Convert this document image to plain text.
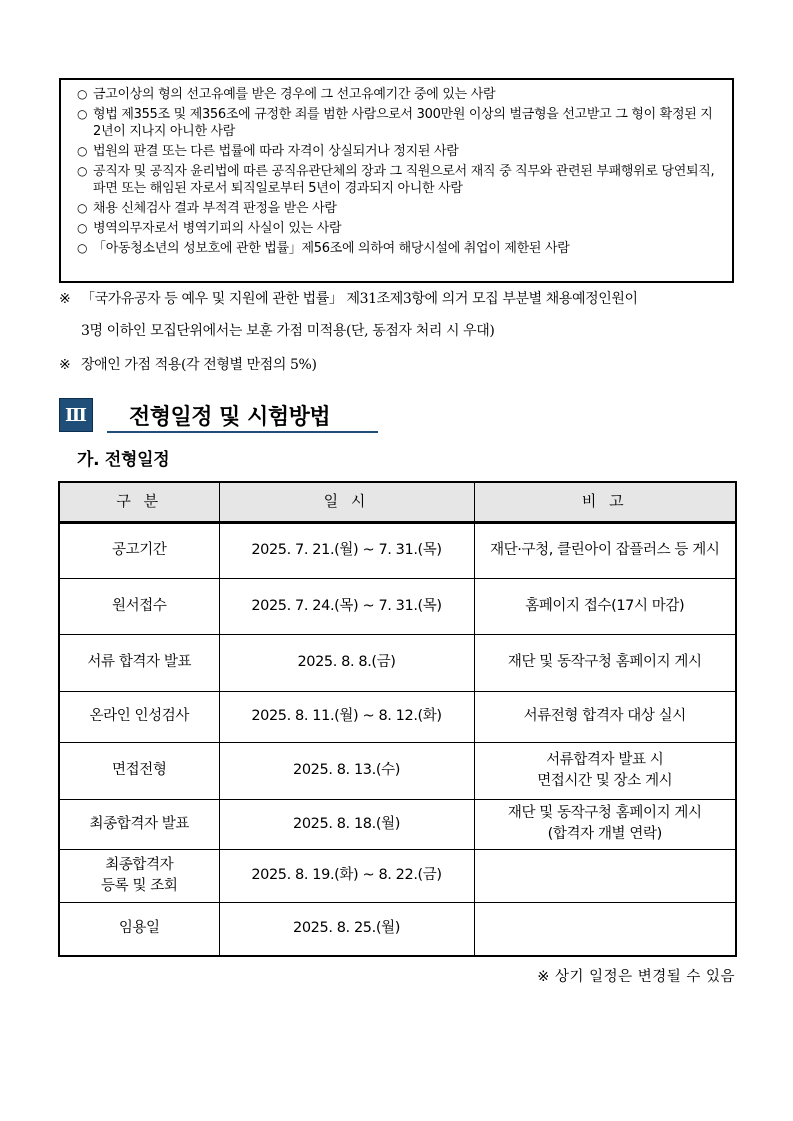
○ 금고이상의 형의 선고유예를 받은 경우에 그 선고유예기간 중에 있는 사람
○ 형법 제355조 및 제356조에 규정한 죄를 범한 사람으로서 300만원 이상의 벌금형을 선고받고 그 형이 확정된 지 2년이 지나지 아니한 사람
○ 법원의 판결 또는 다른 법률에 따라 자격이 상실되거나 정지된 사람
○ 공직자 및 공직자 윤리법에 따른 공직유관단체의 장과 그 직원으로서 재직 중 직무와 관련된 부패행위로 당연퇴직, 파면 또는 해임된 자로서 퇴직일로부터 5년이 경과되지 아니한 사람
○ 채용 신체검사 결과 부적격 판정을 받은 사람
○ 병역의무자로서 병역기피의 사실이 있는 사람
○ 「아동청소년의 성보호에 관한 법률」제56조에 의하여 해당시설에 취업이 제한된 사람
※ 「국가유공자 등 예우 및 지원에 관한 법률」 제31조제3항에 의거 모집 부분별 채용예정인원이
3명 이하인 모집단위에서는 보훈 가점 미적용(단, 동점자 처리 시 우대)
※ 장애인 가점 적용(각 전형별 만점의 5%)
Ⅲ 전형일정 및 시험방법
가. 전형일정
구 분	일 시	비 고
공고기간	2025. 7. 21.(월) ~ 7. 31.(목)	재단·구청, 클린아이 잡플러스 등 게시

원서접수	2025. 7. 24.(목) ~ 7. 31.(목)	홈페이지 접수(17시 마감)

서류 합격자 발표	2025. 8. 8.(금)	재단 및 동작구청 홈페이지 게시

온라인 인성검사	2025. 8. 11.(월) ~ 8. 12.(화)	서류전형 합격자 대상 실시

면접전형	2025. 8. 13.(수)	서류합격자 발표 시
면접시간 및 장소 게시

최종합격자 발표	2025. 8. 18.(월)	재단 및 동작구청 홈페이지 게시
(합격자 개별 연락)

최종합격자
등록 및 조회	2025. 8. 19.(화) ~ 8. 22.(금)	
임용일	2025. 8. 25.(월)	
※ 상기 일정은 변경될 수 있음
